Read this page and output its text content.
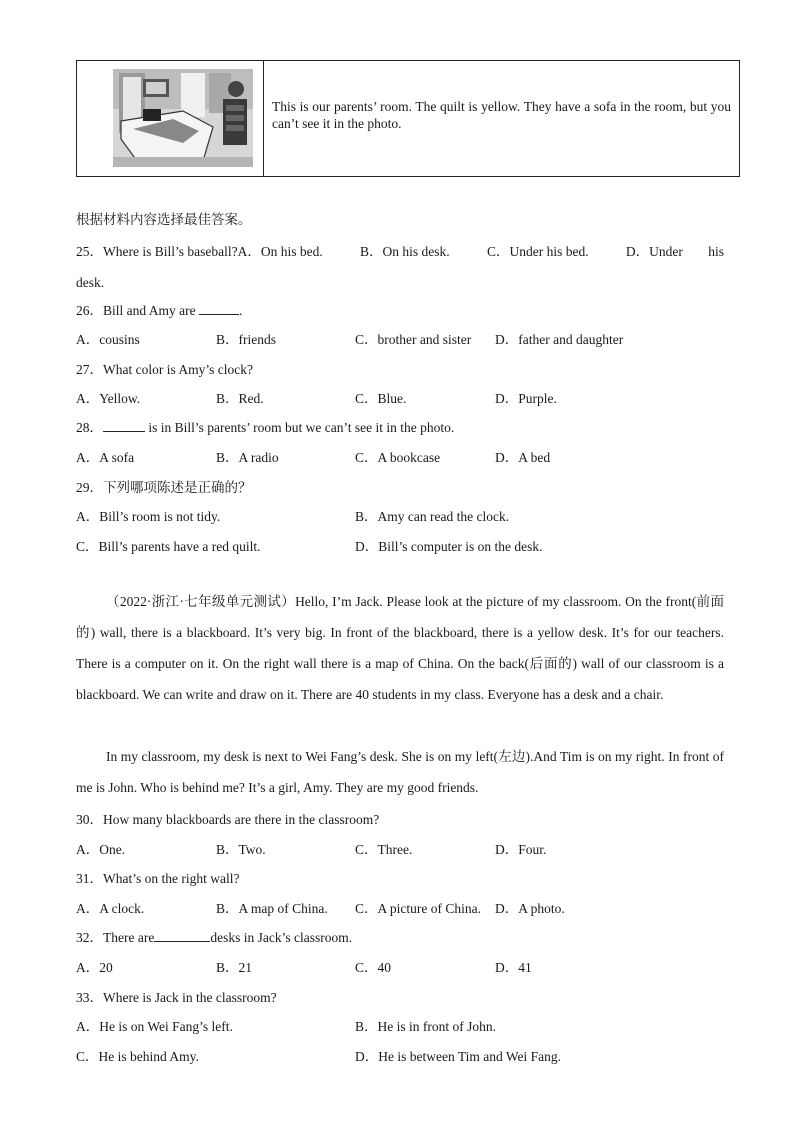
This is our parents’ room. The quilt is yellow. They have a sofa in the room, but you can’t see it in the photo.
根据材料内容选择最佳答案。
25．Where is Bill’s baseball?A．On his bed.	B．On his desk.	C．Under his bed.	D．Under his
desk.
26．Bill and Amy are	.
A．cousins	B．friends	C．brother and sister D．father and daughter
27．What color is Amy’s clock?
A．Yellow.	B．Red.	C．Blue.	D．Purple.
28．	is in Bill’s parents’ room but we can’t see it in the photo.
A．A sofa	B．A radio	C．A bookcase	D．A bed
29．下列哪项陈述是正确的？
A．Bill’s room is not tidy.	B．Amy can read the clock.
C．Bill’s parents have a red quilt.	D．Bill’s computer is on the desk.
（2022·浙江·七年级单元测试）Hello, I’m Jack. Please look at the picture of my classroom. On the front(前面的) wall, there is a blackboard. It’s very big. In front of the blackboard, there is a yellow desk. It’s for our teachers. There is a computer on it. On the right wall there is a map of China. On the back(后面的) wall of our classroom is a blackboard. We can write and draw on it. There are 40 students in my class. Everyone has a desk and a chair.
In my classroom, my desk is next to Wei Fang’s desk. She is on my left(左边).And Tim is on my right. In front of me is John. Who is behind me? It’s a girl, Amy. They are my good friends.
30．How many blackboards are there in the classroom?
A．One.	B．Two.	C．Three.	D．Four.
31．What’s on the right wall?
A．A clock.	B．A map of China. C．A picture of China. D．A photo.
32．There are	desks in Jack’s classroom.
A．20	B．21	C．40	D．41
33．Where is Jack in the classroom?
A．He is on Wei Fang’s left.	B．He is in front of John.
C．He is behind Amy.	D．He is between Tim and Wei Fang.
